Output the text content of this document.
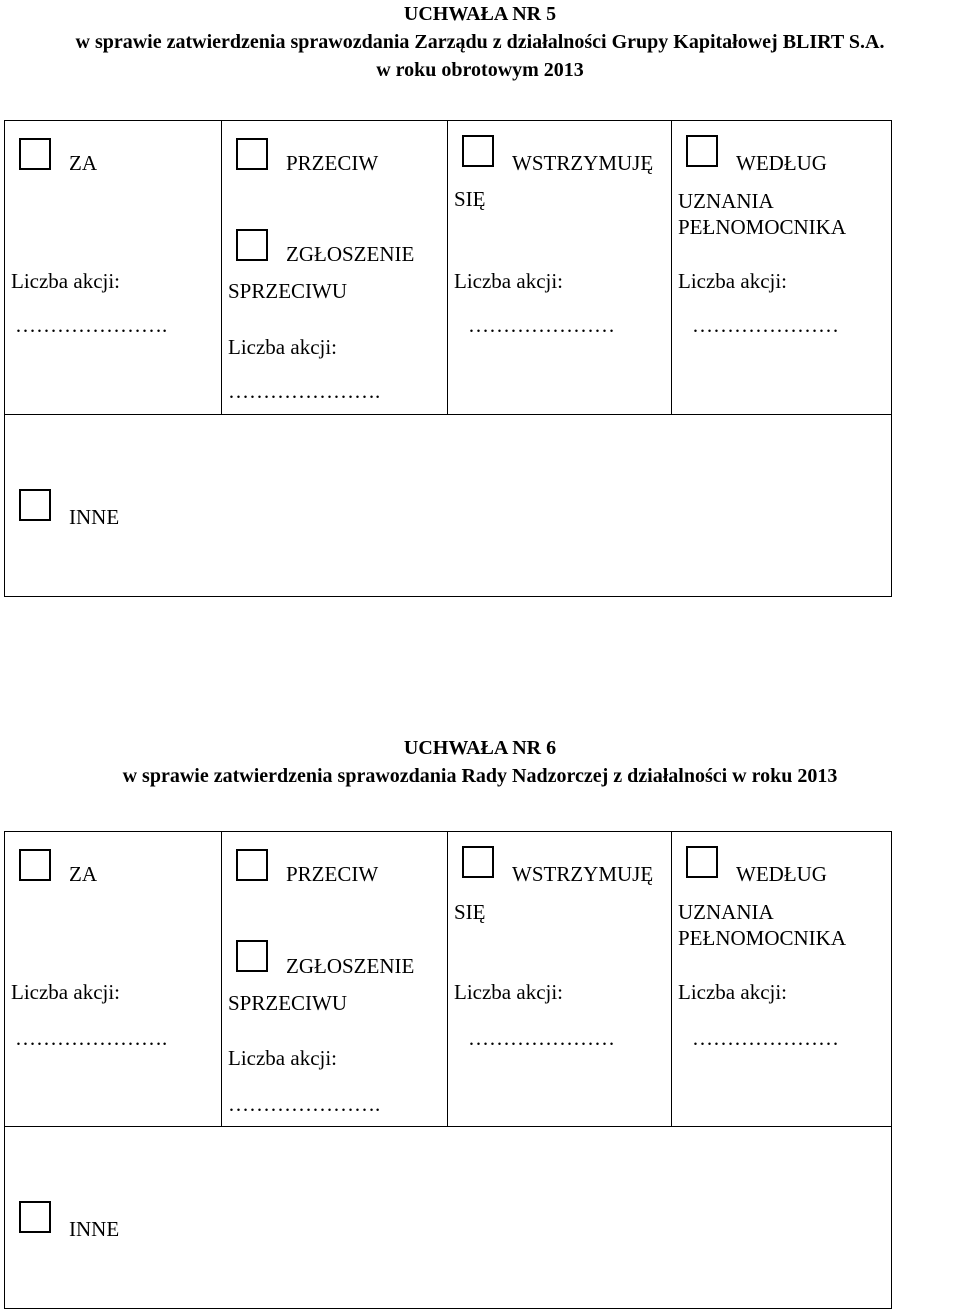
UCHWAŁA NR 5
w sprawie zatwierdzenia sprawozdania Zarządu z działalności Grupy Kapitałowej BLIRT S.A.
w roku obrotowym 2013
ZA
Liczba akcji:
………………….
PRZECIW
ZGŁOSZENIE
SPRZECIWU
Liczba akcji:
………………….
WSTRZYMUJĘ
SIĘ
Liczba akcji:
…………………
WEDŁUG
UZNANIA
PEŁNOMOCNIKA
Liczba akcji:
…………………
INNE
UCHWAŁA NR 6
w sprawie zatwierdzenia sprawozdania Rady Nadzorczej z działalności w roku 2013
ZA
Liczba akcji:
………………….
PRZECIW
ZGŁOSZENIE
SPRZECIWU
Liczba akcji:
………………….
WSTRZYMUJĘ
SIĘ
Liczba akcji:
…………………
WEDŁUG
UZNANIA
PEŁNOMOCNIKA
Liczba akcji:
…………………
INNE
